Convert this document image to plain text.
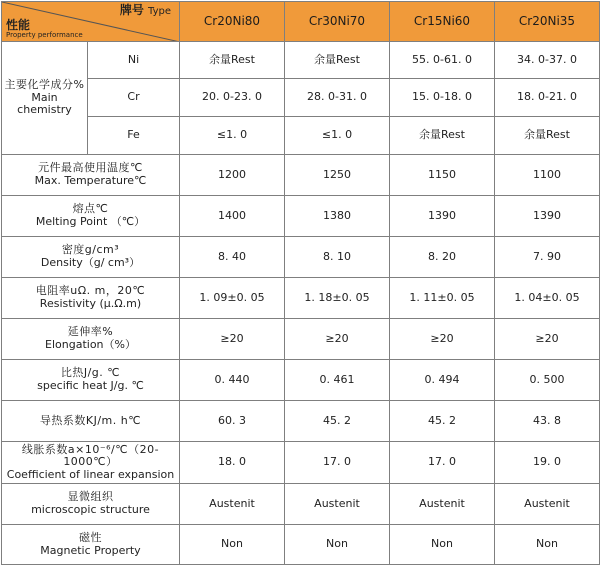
牌号 Type
性能
Property performance		Cr20Ni80	Cr30Ni70	Cr15Ni60	Cr20Ni35

主要化学成分%
Main chemistry	Ni	余量Rest	余量Rest	55. 0-61. 0	34. 0-37. 0
	Cr	20. 0-23. 0	28. 0-31. 0	15. 0-18. 0	18. 0-21. 0
	Fe	≤1. 0	≤1. 0	余量Rest	余量Rest

元件最高使用温度℃
Max. Temperature℃		1200	1250	1150	1100

熔点℃
Melting Point （℃）		1400	1380	1390	1390

密度g/cm³
Density（g/ cm³）		8. 40	8. 10	8. 20	7. 90

电阻率uΩ. m，20℃
Resistivity (μ.Ω.m)		1. 09±0. 05	1. 18±0. 05	1. 11±0. 05	1. 04±0. 05

延伸率%
Elongation（%）		≥20	≥20	≥20	≥20

比热J/g. ℃
specific heat J/g. ℃		0. 440	0. 461	0. 494	0. 500

导热系数KJ/m. h℃		60. 3	45. 2	45. 2	43. 8

线胀系数a×10⁻⁶/℃（20-1000℃）
Coefficient of linear expansion		18. 0	17. 0	17. 0	19. 0

显微组织
microscopic structure		Austenit	Austenit	Austenit	Austenit

磁性
Magnetic Property		Non	Non	Non	Non
